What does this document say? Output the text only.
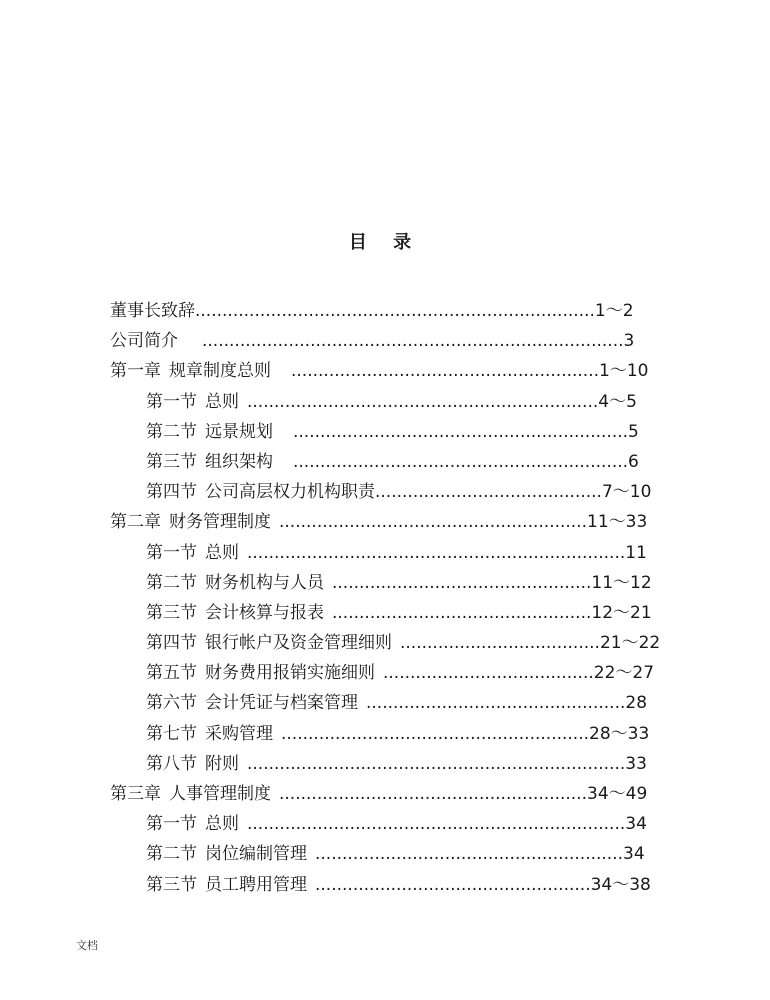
目 录
董事长致辞..........................................................................1～2
公司简介 ..............................................................................3
第一章 规章制度总则 .........................................................1～10
第一节 总则 .................................................................4～5
第二节 远景规划 ..............................................................5
第三节 组织架构 ..............................................................6
第四节 公司高层权力机构职责..........................................7～10
第二章 财务管理制度 .........................................................11～33
第一节 总则 ......................................................................11
第二节 财务机构与人员 ................................................11～12
第三节 会计核算与报表 ................................................12～21
第四节 银行帐户及资金管理细则 .....................................21～22
第五节 财务费用报销实施细则 .......................................22～27
第六节 会计凭证与档案管理 ................................................28
第七节 采购管理 .........................................................28～33
第八节 附则 ......................................................................33
第三章 人事管理制度 .........................................................34～49
第一节 总则 ......................................................................34
第二节 岗位编制管理 .........................................................34
第三节 员工聘用管理 ...................................................34～38
文档
